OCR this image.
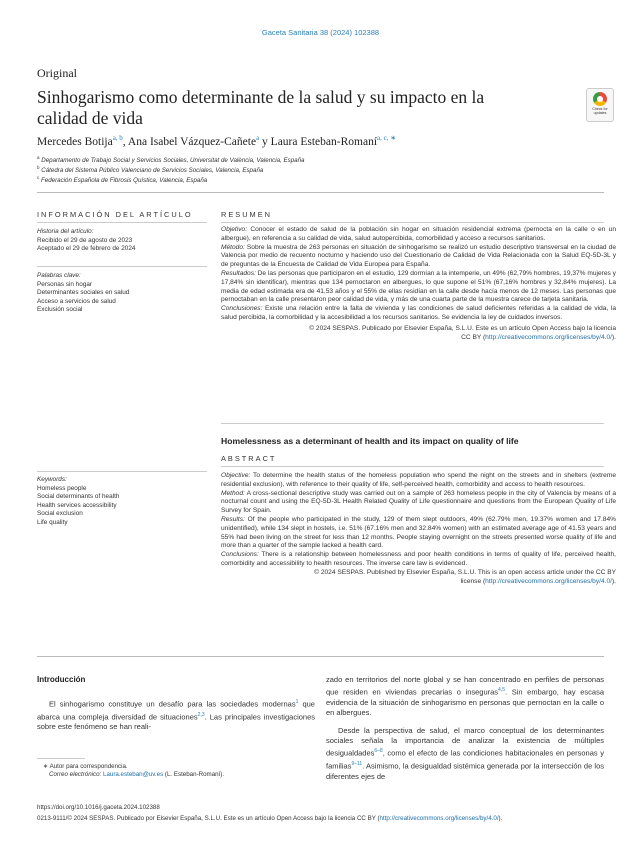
Gaceta Sanitaria 38 (2024) 102388
Original
Sinhogarismo como determinante de la salud y su impacto en la calidad de vida	Check for
updates
Mercedes Botija$^{a, b}$, Ana Isabel Vázquez-Cañete$^a$ y Laura Esteban-Romaní$^{a, c, ∗}$
$^a$ Departamento de Trabajo Social y Servicios Sociales, Universitat de València, Valencia, España
$^b$ Cátedra del Sistema Público Valenciano de Servicios Sociales, Valencia, España
$^c$ Federación Española de Fibrosis Quística, Valencia, España
INFORMACIÓN DEL ARTÍCULO
Historia del artículo:
Recibido el 29 de agosto de 2023
Aceptado el 29 de febrero de 2024
Palabras clave:
Personas sin hogar
Determinantes sociales en salud
Acceso a servicios de salud
Exclusión social
Keywords:
Homeless people
Social determinants of health
Health services accessibility
Social exclusion
Life quality
RESUMEN
Objetivo: Conocer el estado de salud de la población sin hogar en situación residencial extrema (pernocta en la calle o en un albergue), en referencia a su calidad de vida, salud autopercibida, comorbilidad y acceso a recursos sanitarios.
Método: Sobre la muestra de 263 personas en situación de sinhogarismo se realizó un estudio descriptivo transversal en la ciudad de Valencia por medio de recuento nocturno y haciendo uso del Cuestionario de Calidad de Vida Relacionada con la Salud EQ-5D-3L y de preguntas de la Encuesta de Calidad de Vida Europea para España.
Resultados: De las personas que participaron en el estudio, 129 dormían a la intemperie, un 49% (62,79% hombres, 19,37% mujeres y 17,84% sin identificar), mientras que 134 pernoctaron en albergues, lo que supone el 51% (67,16% hombres y 32,84% mujeres). La media de edad estimada era de 41,53 años y el 55% de ellas residían en la calle desde hacía menos de 12 meses. Las personas que pernoctaban en la calle presentaron peor calidad de vida, y más de una cuarta parte de la muestra carece de tarjeta sanitaria.
Conclusiones: Existe una relación entre la falta de vivienda y las condiciones de salud deficientes referidas a la calidad de vida, la salud percibida, la comorbilidad y la accesibilidad a los recursos sanitarios. Se evidencia la ley de cuidados inversos.
© 2024 SESPAS. Publicado por Elsevier España, S.L.U. Este es un artículo Open Access bajo la licencia
CC BY (http://creativecommons.org/licenses/by/4.0/).
Homelessness as a determinant of health and its impact on quality of life
ABSTRACT
Objective: To determine the health status of the homeless population who spend the night on the streets and in shelters (extreme residential exclusion), with reference to their quality of life, self-perceived health, comorbidity and access to health resources.
Method: A cross-sectional descriptive study was carried out on a sample of 263 homeless people in the city of Valencia by means of a nocturnal count and using the EQ-5D-3L Health Related Quality of Life questionnaire and questions from the European Quality of Life Survey for Spain.
Results: Of the people who participated in the study, 129 of them slept outdoors, 49% (62.79% men, 19.37% women and 17.84% unidentified), while 134 slept in hostels, i.e. 51% (67.16% men and 32.84% women) with an estimated average age of 41.53 years and 55% had been living on the street for less than 12 months. People staying overnight on the streets presented worse quality of life and more than a quarter of the sample lacked a health card.
Conclusions: There is a relationship between homelessness and poor health conditions in terms of quality of life, perceived health, comorbidity and accessibility to health resources. The inverse care law is evidenced.
© 2024 SESPAS. Published by Elsevier España, S.L.U. This is an open access article under the CC BY
license (http://creativecommons.org/licenses/by/4.0/).
Introducción
El sinhogarismo constituye un desafío para las sociedades modernas$^1$ que abarca una compleja diversidad de situaciones$^{2,3}$. Las principales investigaciones sobre este fenómeno se han reali-
zado en territorios del norte global y se han concentrado en perfiles de personas que residen en viviendas precarias o inseguras$^{4,5}$. Sin embargo, hay escasa evidencia de la situación de sinhogarismo en personas que pernoctan en la calle o en albergues.
Desde la perspectiva de salud, el marco conceptual de los determinantes sociales señala la importancia de analizar la existencia de múltiples desigualdades$^{6-8}$, como el efecto de las condiciones habitacionales en personas y familias$^{9-11}$. Asimismo, la desigualdad sistémica generada por la intersección de los diferentes ejes de
∗ Autor para correspondencia.
Correo electrónico: Laura.esteban@uv.es (L. Esteban-Romaní).
https://doi.org/10.1016/j.gaceta.2024.102388
0213-9111/© 2024 SESPAS. Publicado por Elsevier España, S.L.U. Este es un artículo Open Access bajo la licencia CC BY (http://creativecommons.org/licenses/by/4.0/).
